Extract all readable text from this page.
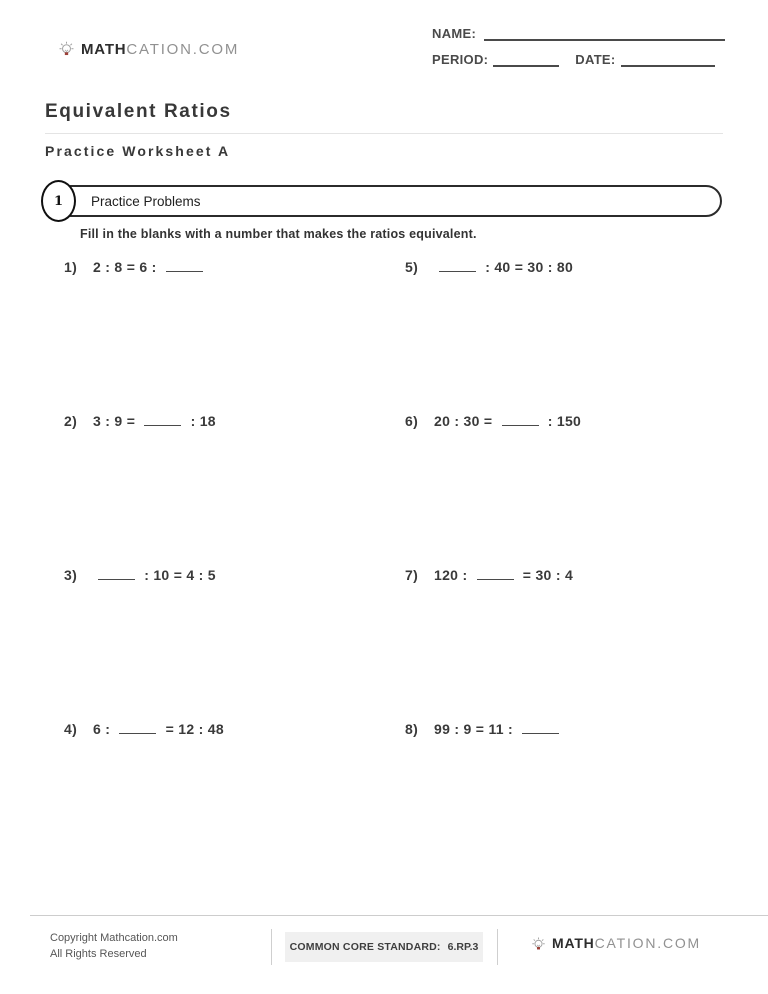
MATHCATION.COM
NAME:
PERIOD:	DATE:
Equivalent Ratios
Practice Worksheet A
1 Practice Problems
Fill in the blanks with a number that makes the ratios equivalent.
1)	2 : 8 = 6 :	5)	: 40 = 30 : 80
2)	3 : 9 =	: 18	6)	20 : 30 =	: 150
3)	: 10 = 4 : 5	7)	120 :	= 30 : 4
4)	6 :	= 12 : 48	8)	99 : 9 = 11 :
Copyright Mathcation.com
All Rights Reserved
COMMON CORE STANDARD: 6.RP.3	MATHCATION.COM
